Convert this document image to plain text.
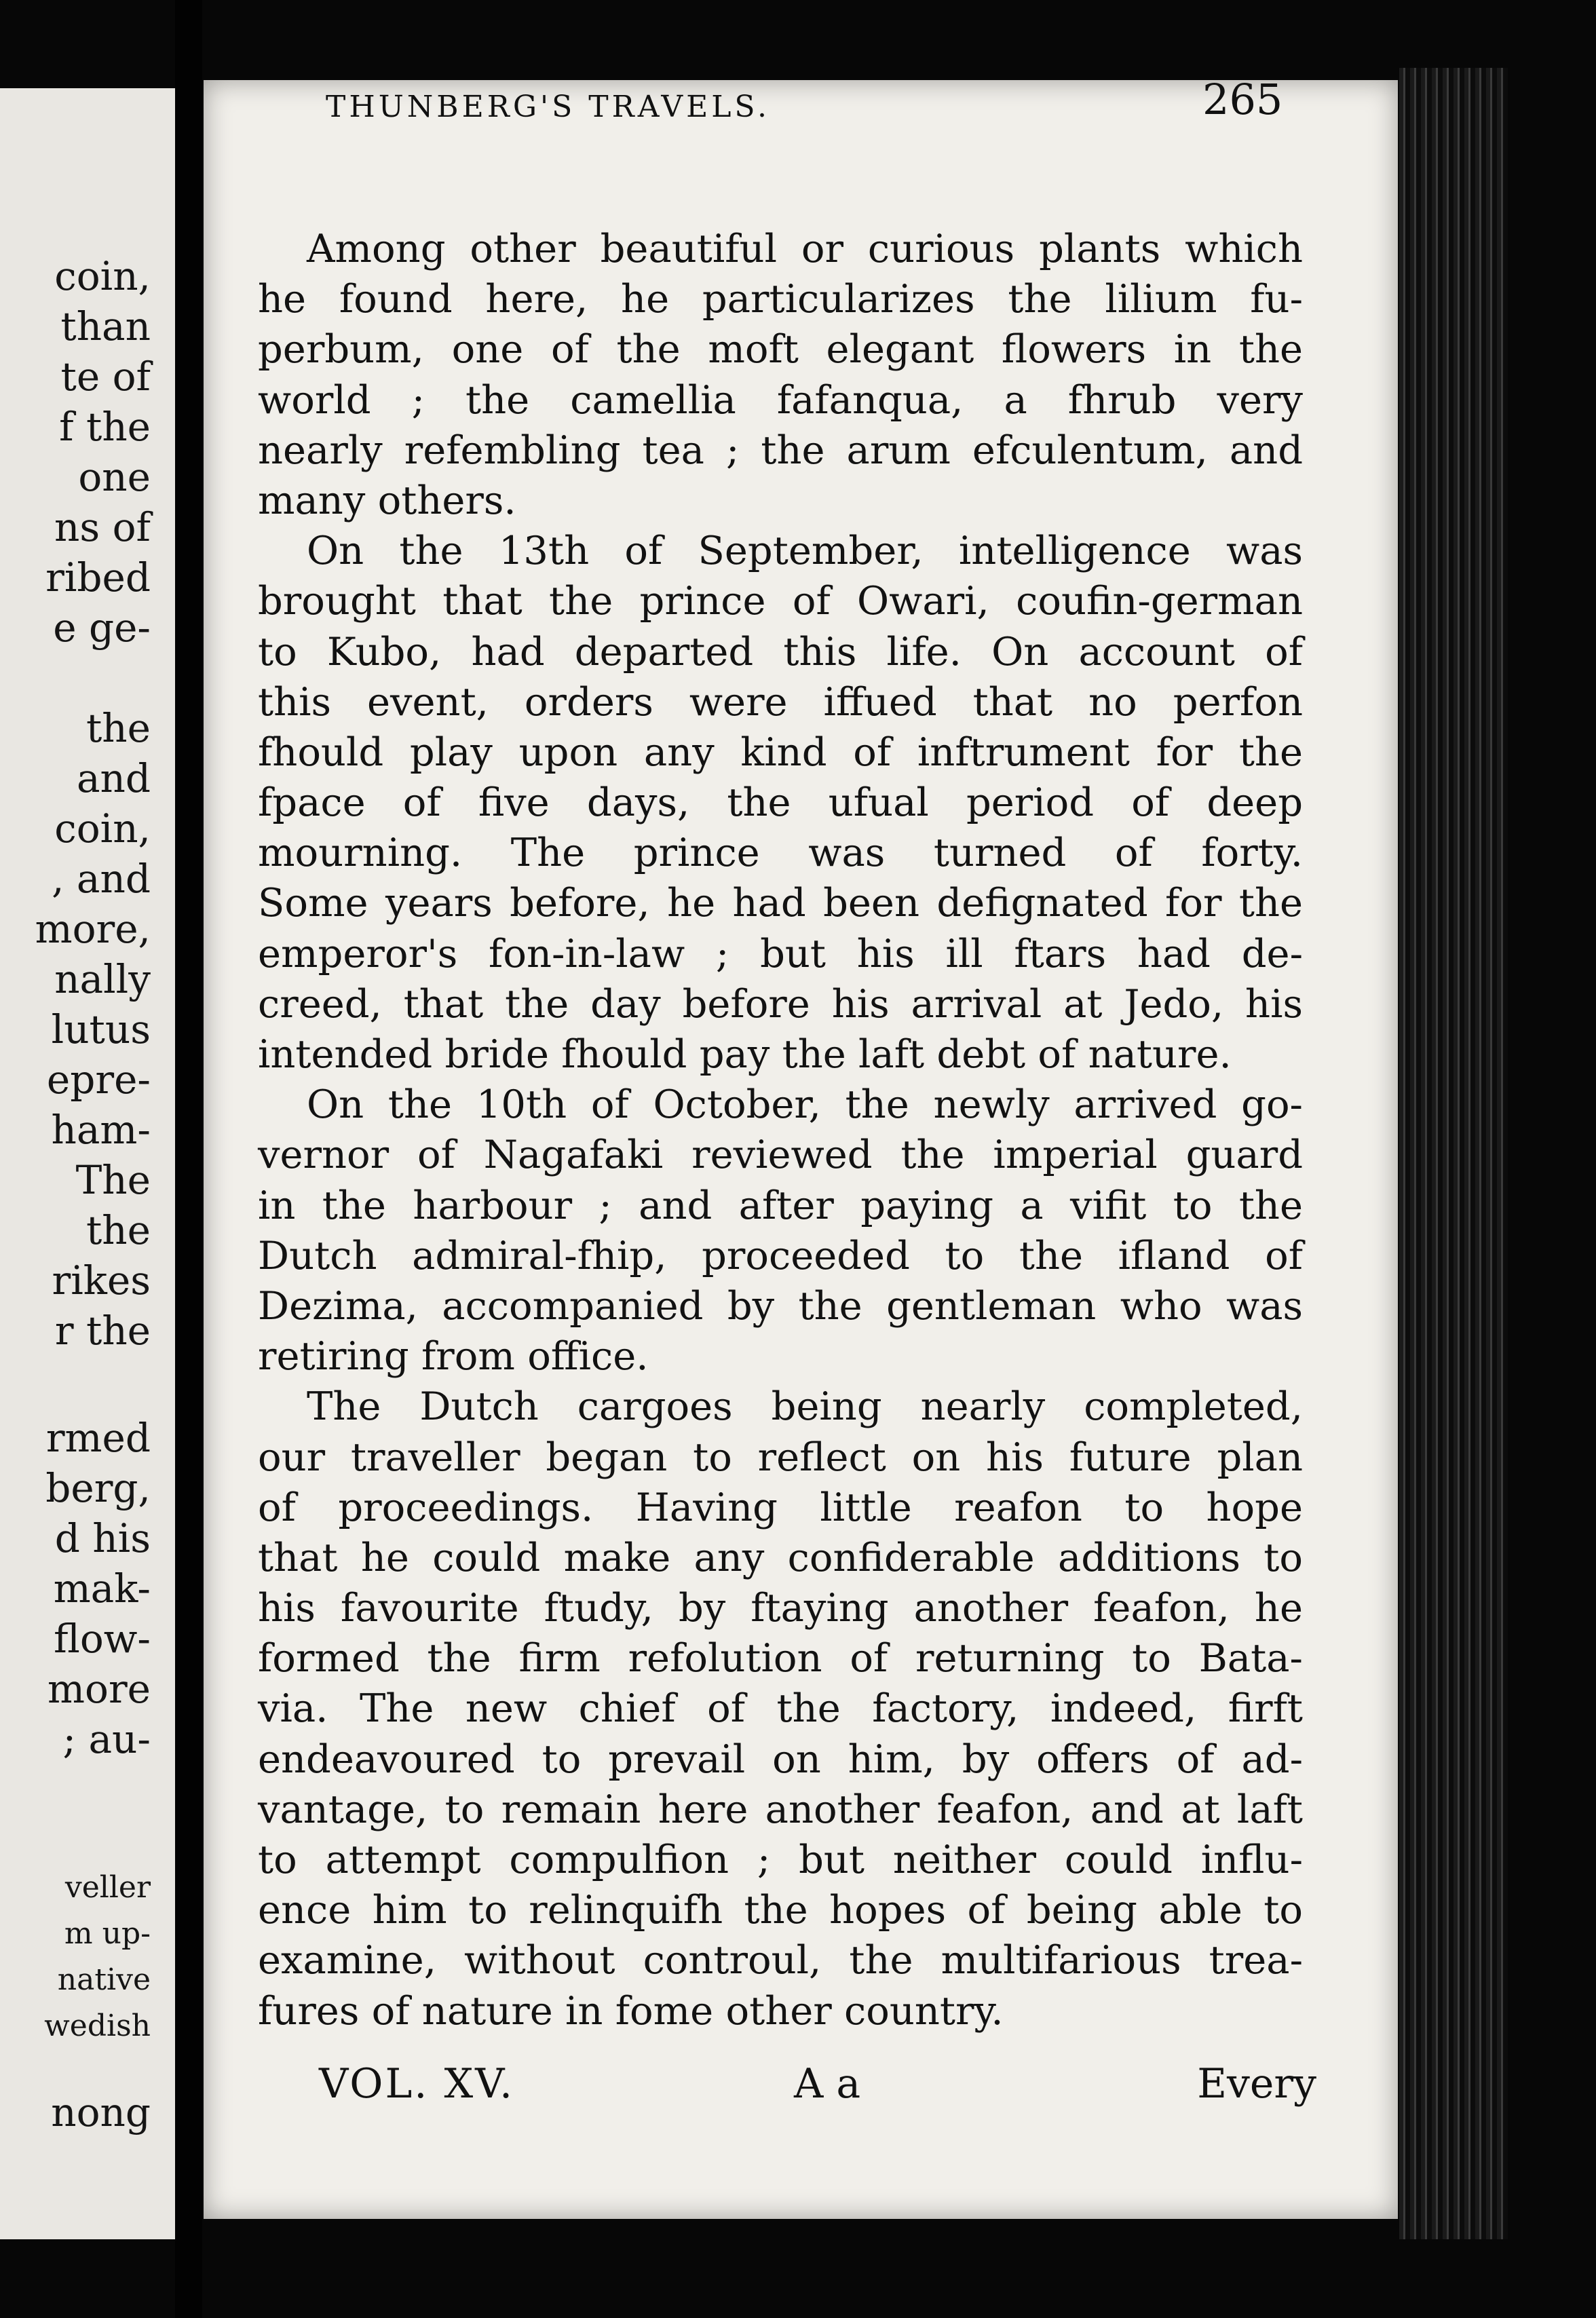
coin,
than
te of
f the
one
ns of
ribed
e ge-
the
and
coin,
, and
more,
nally
lutus
epre-
ham-
The
the
rikes
r the
rmed
berg,
d his
mak-
flow-
more
; au-
veller
m up-
native
wedish
nong
THUNBERG'S TRAVELS.	265
Among other beautiful or curious plants which
he found here, he particularizes the lilium fu-
perbum, one of the moft elegant flowers in the
world ; the camellia fafanqua, a fhrub very
nearly refembling tea ; the arum efculentum, and
many others.
On the 13th of September, intelligence was
brought that the prince of Owari, coufin-german
to Kubo, had departed this life. On account of
this event, orders were iffued that no perfon
fhould play upon any kind of inftrument for the
fpace of five days, the ufual period of deep
mourning. The prince was turned of forty.
Some years before, he had been defignated for the
emperor's fon-in-law ; but his ill ftars had de-
creed, that the day before his arrival at Jedo, his
intended bride fhould pay the laft debt of nature.
On the 10th of October, the newly arrived go-
vernor of Nagafaki reviewed the imperial guard
in the harbour ; and after paying a vifit to the
Dutch admiral-fhip, proceeded to the ifland of
Dezima, accompanied by the gentleman who was
retiring from office.
The Dutch cargoes being nearly completed,
our traveller began to reflect on his future plan
of proceedings. Having little reafon to hope
that he could make any confiderable additions to
his favourite ftudy, by ftaying another feafon, he
formed the firm refolution of returning to Bata-
via. The new chief of the factory, indeed, firft
endeavoured to prevail on him, by offers of ad-
vantage, to remain here another feafon, and at laft
to attempt compulfion ; but neither could influ-
ence him to relinquifh the hopes of being able to
examine, without controul, the multifarious trea-
fures of nature in fome other country.
VOL. XV.	A a	Every
